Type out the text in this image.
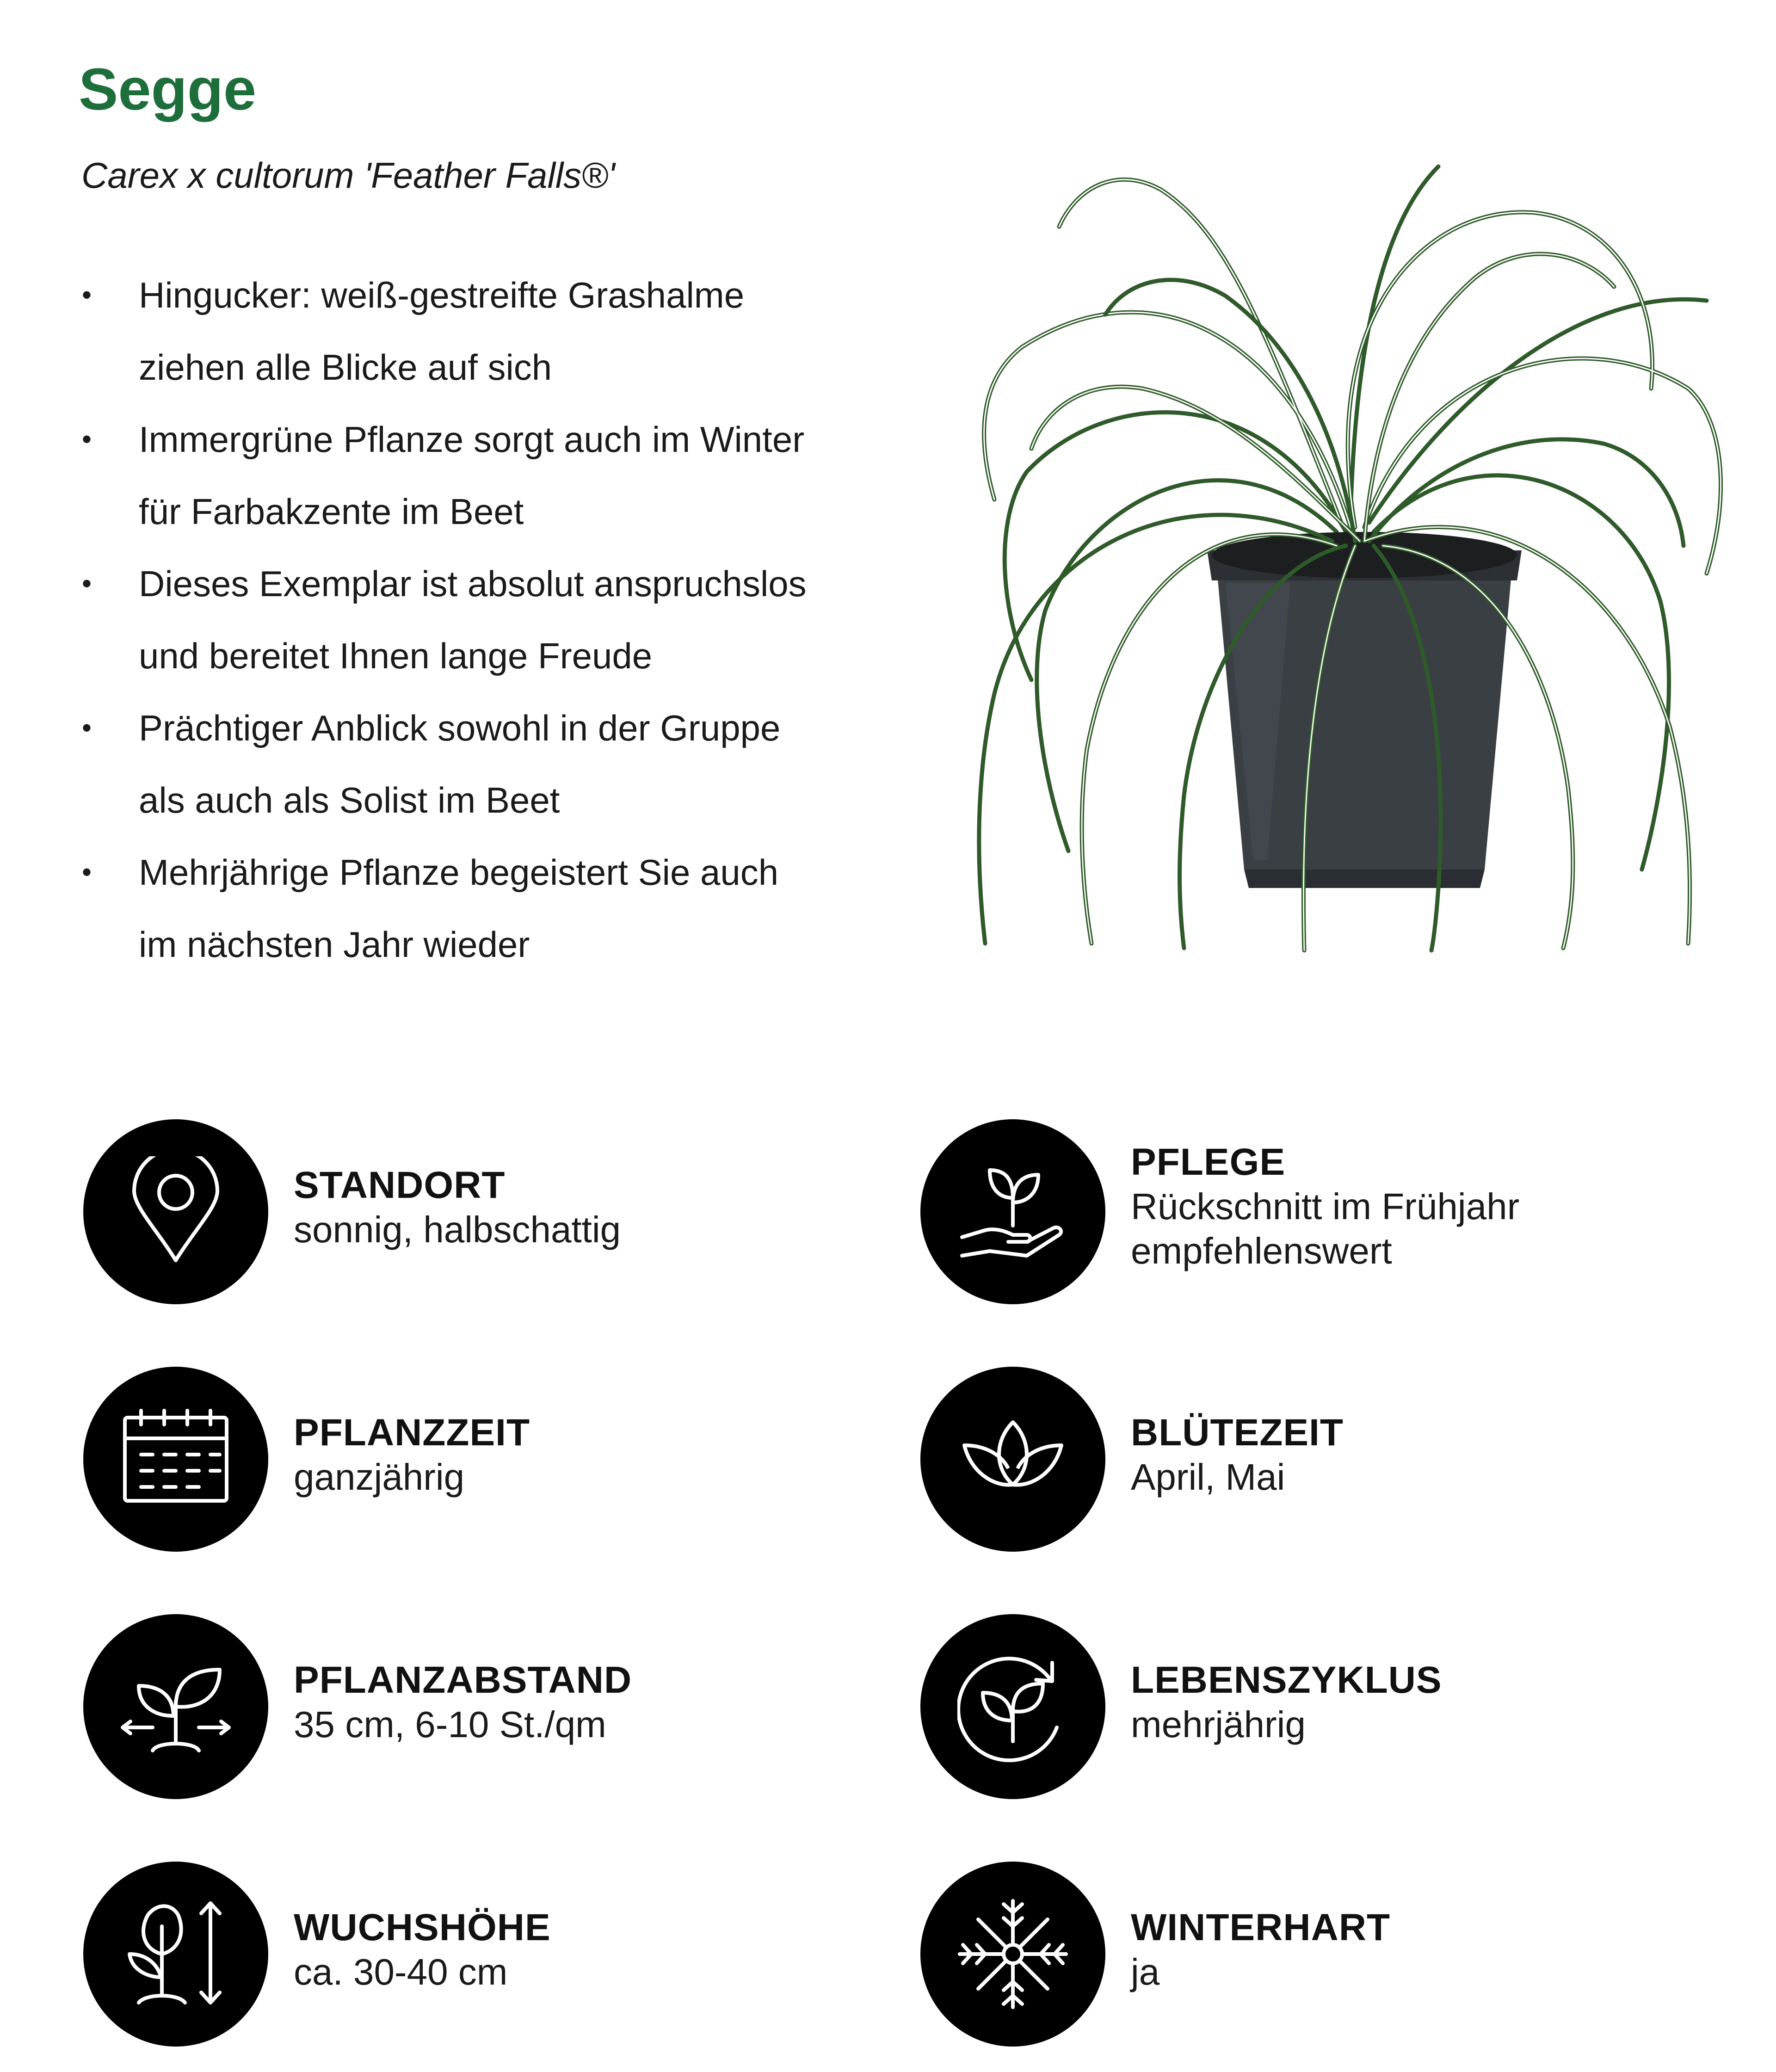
Segge

Carex x cultorum 'Feather Falls®'

• Hingucker: weiß-gestreifte Grashalme
ziehen alle Blicke auf sich
• Immergrüne Pflanze sorgt auch im Winter
für Farbakzente im Beet
• Dieses Exemplar ist absolut anspruchslos
und bereitet Ihnen lange Freude
• Prächtiger Anblick sowohl in der Gruppe
als auch als Solist im Beet
• Mehrjährige Pflanze begeistert Sie auch
im nächsten Jahr wieder
STANDORT
sonnig, halbschattig
PFLEGE
Rückschnitt im Frühjahr
empfehlenswert
PFLANZZEIT
ganzjährig
BLÜTEZEIT
April, Mai
PFLANZABSTAND
35 cm, 6-10 St./qm
LEBENSZYKLUS
mehrjährig
WUCHSHÖHE
ca. 30-40 cm
WINTERHART
ja
